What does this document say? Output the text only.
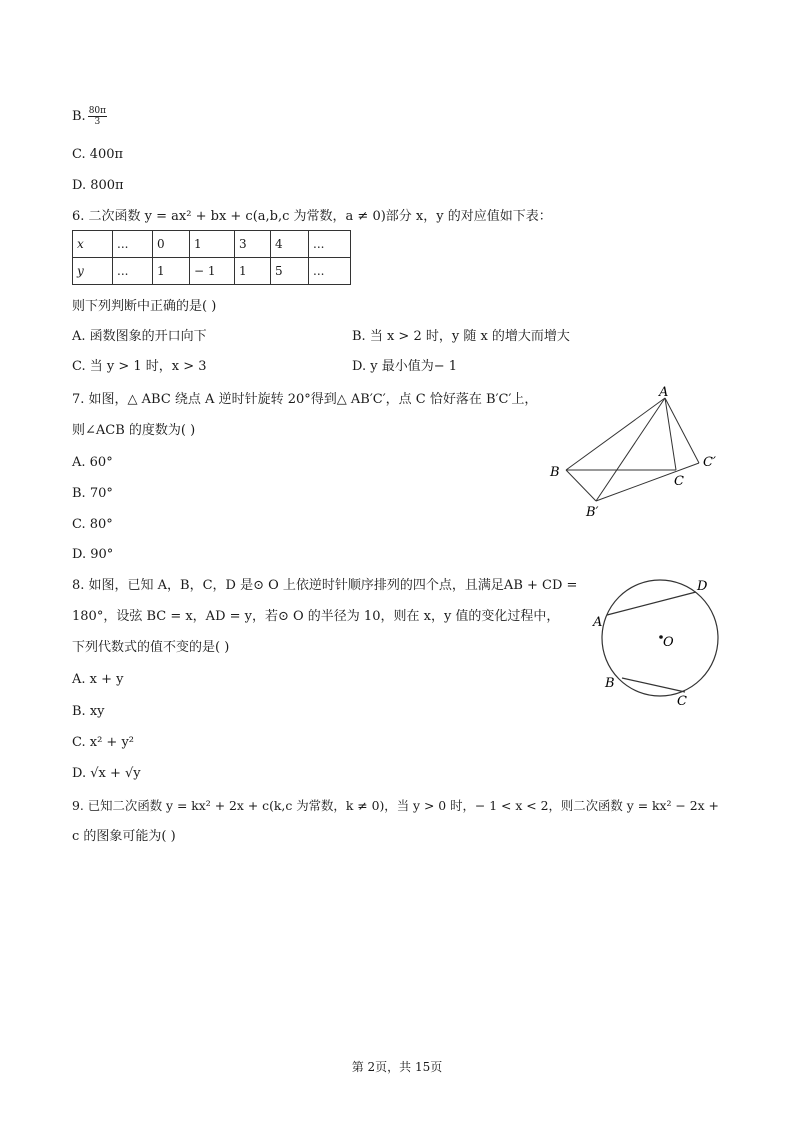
B. $\frac{80\pi}{3}$
C. 400π
D. 800π
6. 二次函数 y = ax² + bx + c(a,b,c 为常数，a ≠ 0)部分 x，y 的对应值如下表：
x	...	0	1	3	4	...
y	...	1	− 1	1	5	...
则下列判断中正确的是( )
A. 函数图象的开口向下	B. 当 x > 2 时，y 随 x 的增大而增大
C. 当 y > 1 时，x > 3	D. y 最小值为− 1
7. 如图，△ ABC 绕点 A 逆时针旋转 20°得到△ AB′C′，点 C 恰好落在 B′C′上，
则∠ACB 的度数为( )
A. 60°
B. 70°
C. 80°
D. 90°
A
B
C
C′
B′
8. 如图，已知 A，B，C，D 是⊙ O 上依逆时针顺序排列的四个点，且满足AB + CD =
180°，设弦 BC = x，AD = y，若⊙ O 的半径为 10，则在 x，y 值的变化过程中，
下列代数式的值不变的是( )
A. x + y
B. xy
C. x² + y²
D. √x + √y
O
A
D
B
C
9. 已知二次函数 y = kx² + 2x + c(k,c 为常数，k ≠ 0)，当 y > 0 时，− 1 < x < 2，则二次函数 y = kx² − 2x +
c 的图象可能为( )
第 2页，共 15页
